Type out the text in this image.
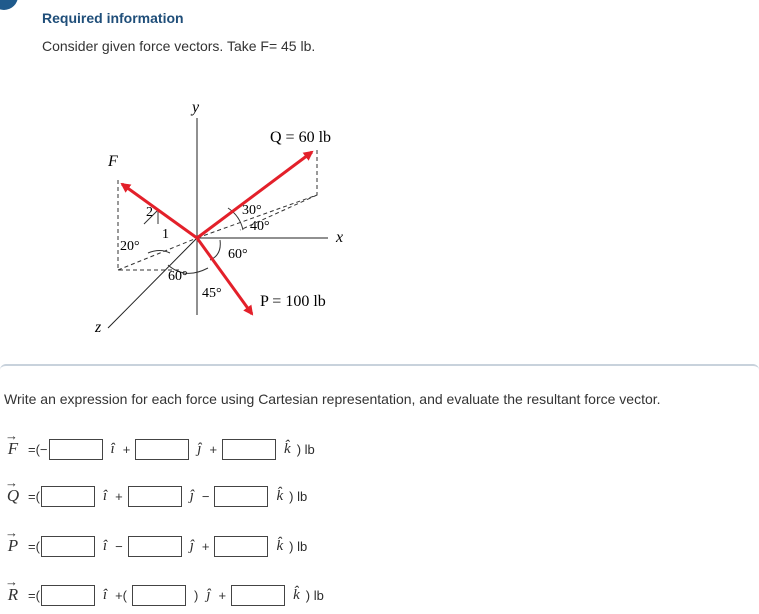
Required information
Consider given force vectors. Take F= 45 lb.
y
x
z
F
Q = 60 lb
P = 100 lb
2
1
20°
30°
40°
60°
60°
45°
Write an expression for each force using Cartesian representation, and evaluate the resultant force vector.
→
F =(−	î +	ĵ +	k̂ ) lb
→
Q =(	î +	ĵ −	k̂ ) lb
→
P =(	î −	ĵ +	k̂ ) lb
→
R =(	î +(	) ĵ +	k̂ ) lb
